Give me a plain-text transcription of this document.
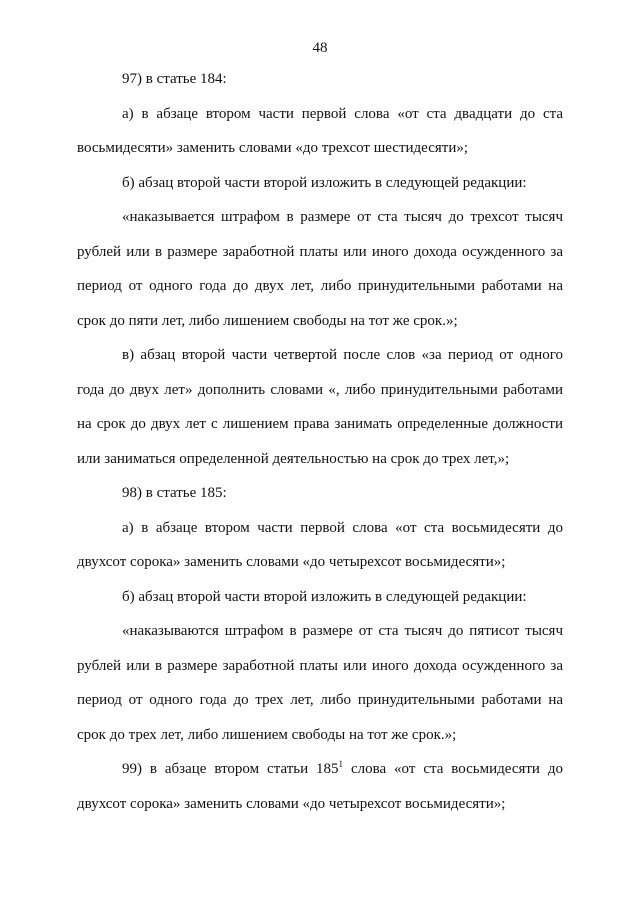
48

97) в статье 184:

а) в абзаце втором части первой слова «от ста двадцати до ста восьмидесяти» заменить словами «до трехсот шестидесяти»;

б) абзац второй части второй изложить в следующей редакции:

«наказывается штрафом в размере от ста тысяч до трехсот тысяч рублей или в размере заработной платы или иного дохода осужденного за период от одного года до двух лет, либо принудительными работами на срок до пяти лет, либо лишением свободы на тот же срок.»;

в) абзац второй части четвертой после слов «за период от одного года до двух лет» дополнить словами «, либо принудительными работами на срок до двух лет с лишением права занимать определенные должности или заниматься определенной деятельностью на срок до трех лет,»;

98) в статье 185:

а) в абзаце втором части первой слова «от ста восьмидесяти до двухсот сорока» заменить словами «до четырехсот восьмидесяти»;

б) абзац второй части второй изложить в следующей редакции:

«наказываются штрафом в размере от ста тысяч до пятисот тысяч рублей или в размере заработной платы или иного дохода осужденного за период от одного года до трех лет, либо принудительными работами на срок до трех лет, либо лишением свободы на тот же срок.»;

99) в абзаце втором статьи $185^1$ слова «от ста восьмидесяти до двухсот сорока» заменить словами «до четырехсот восьмидесяти»;
